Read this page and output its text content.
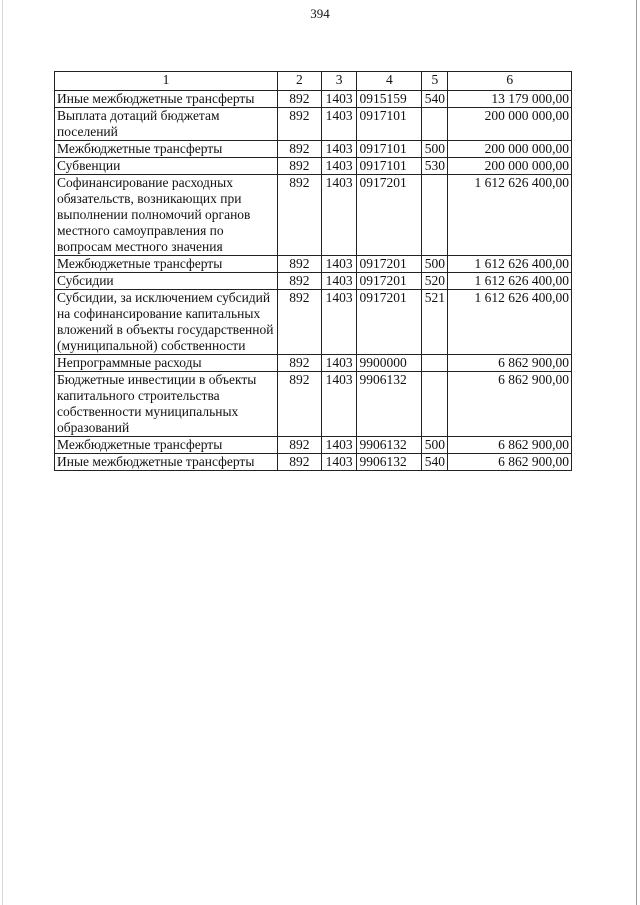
394
1	2	3	4	5	6
Иные межбюджетные трансферты	892	1403	0915159	540	13 179 000,00
Выплата дотаций бюджетам поселений	892	1403	0917101		200 000 000,00
Межбюджетные трансферты	892	1403	0917101	500	200 000 000,00
Субвенции	892	1403	0917101	530	200 000 000,00
Софинансирование расходных обязательств, возникающих при выполнении полномочий органов местного самоуправления по вопросам местного значения	892	1403	0917201		1 612 626 400,00
Межбюджетные трансферты	892	1403	0917201	500	1 612 626 400,00
Субсидии	892	1403	0917201	520	1 612 626 400,00
Субсидии, за исключением субсидий на софинансирование капитальных вложений в объекты государственной (муниципальной) собственности	892	1403	0917201	521	1 612 626 400,00
Непрограммные расходы	892	1403	9900000		6 862 900,00
Бюджетные инвестиции в объекты капитального строительства собственности муниципальных образований	892	1403	9906132		6 862 900,00
Межбюджетные трансферты	892	1403	9906132	500	6 862 900,00
Иные межбюджетные трансферты	892	1403	9906132	540	6 862 900,00
